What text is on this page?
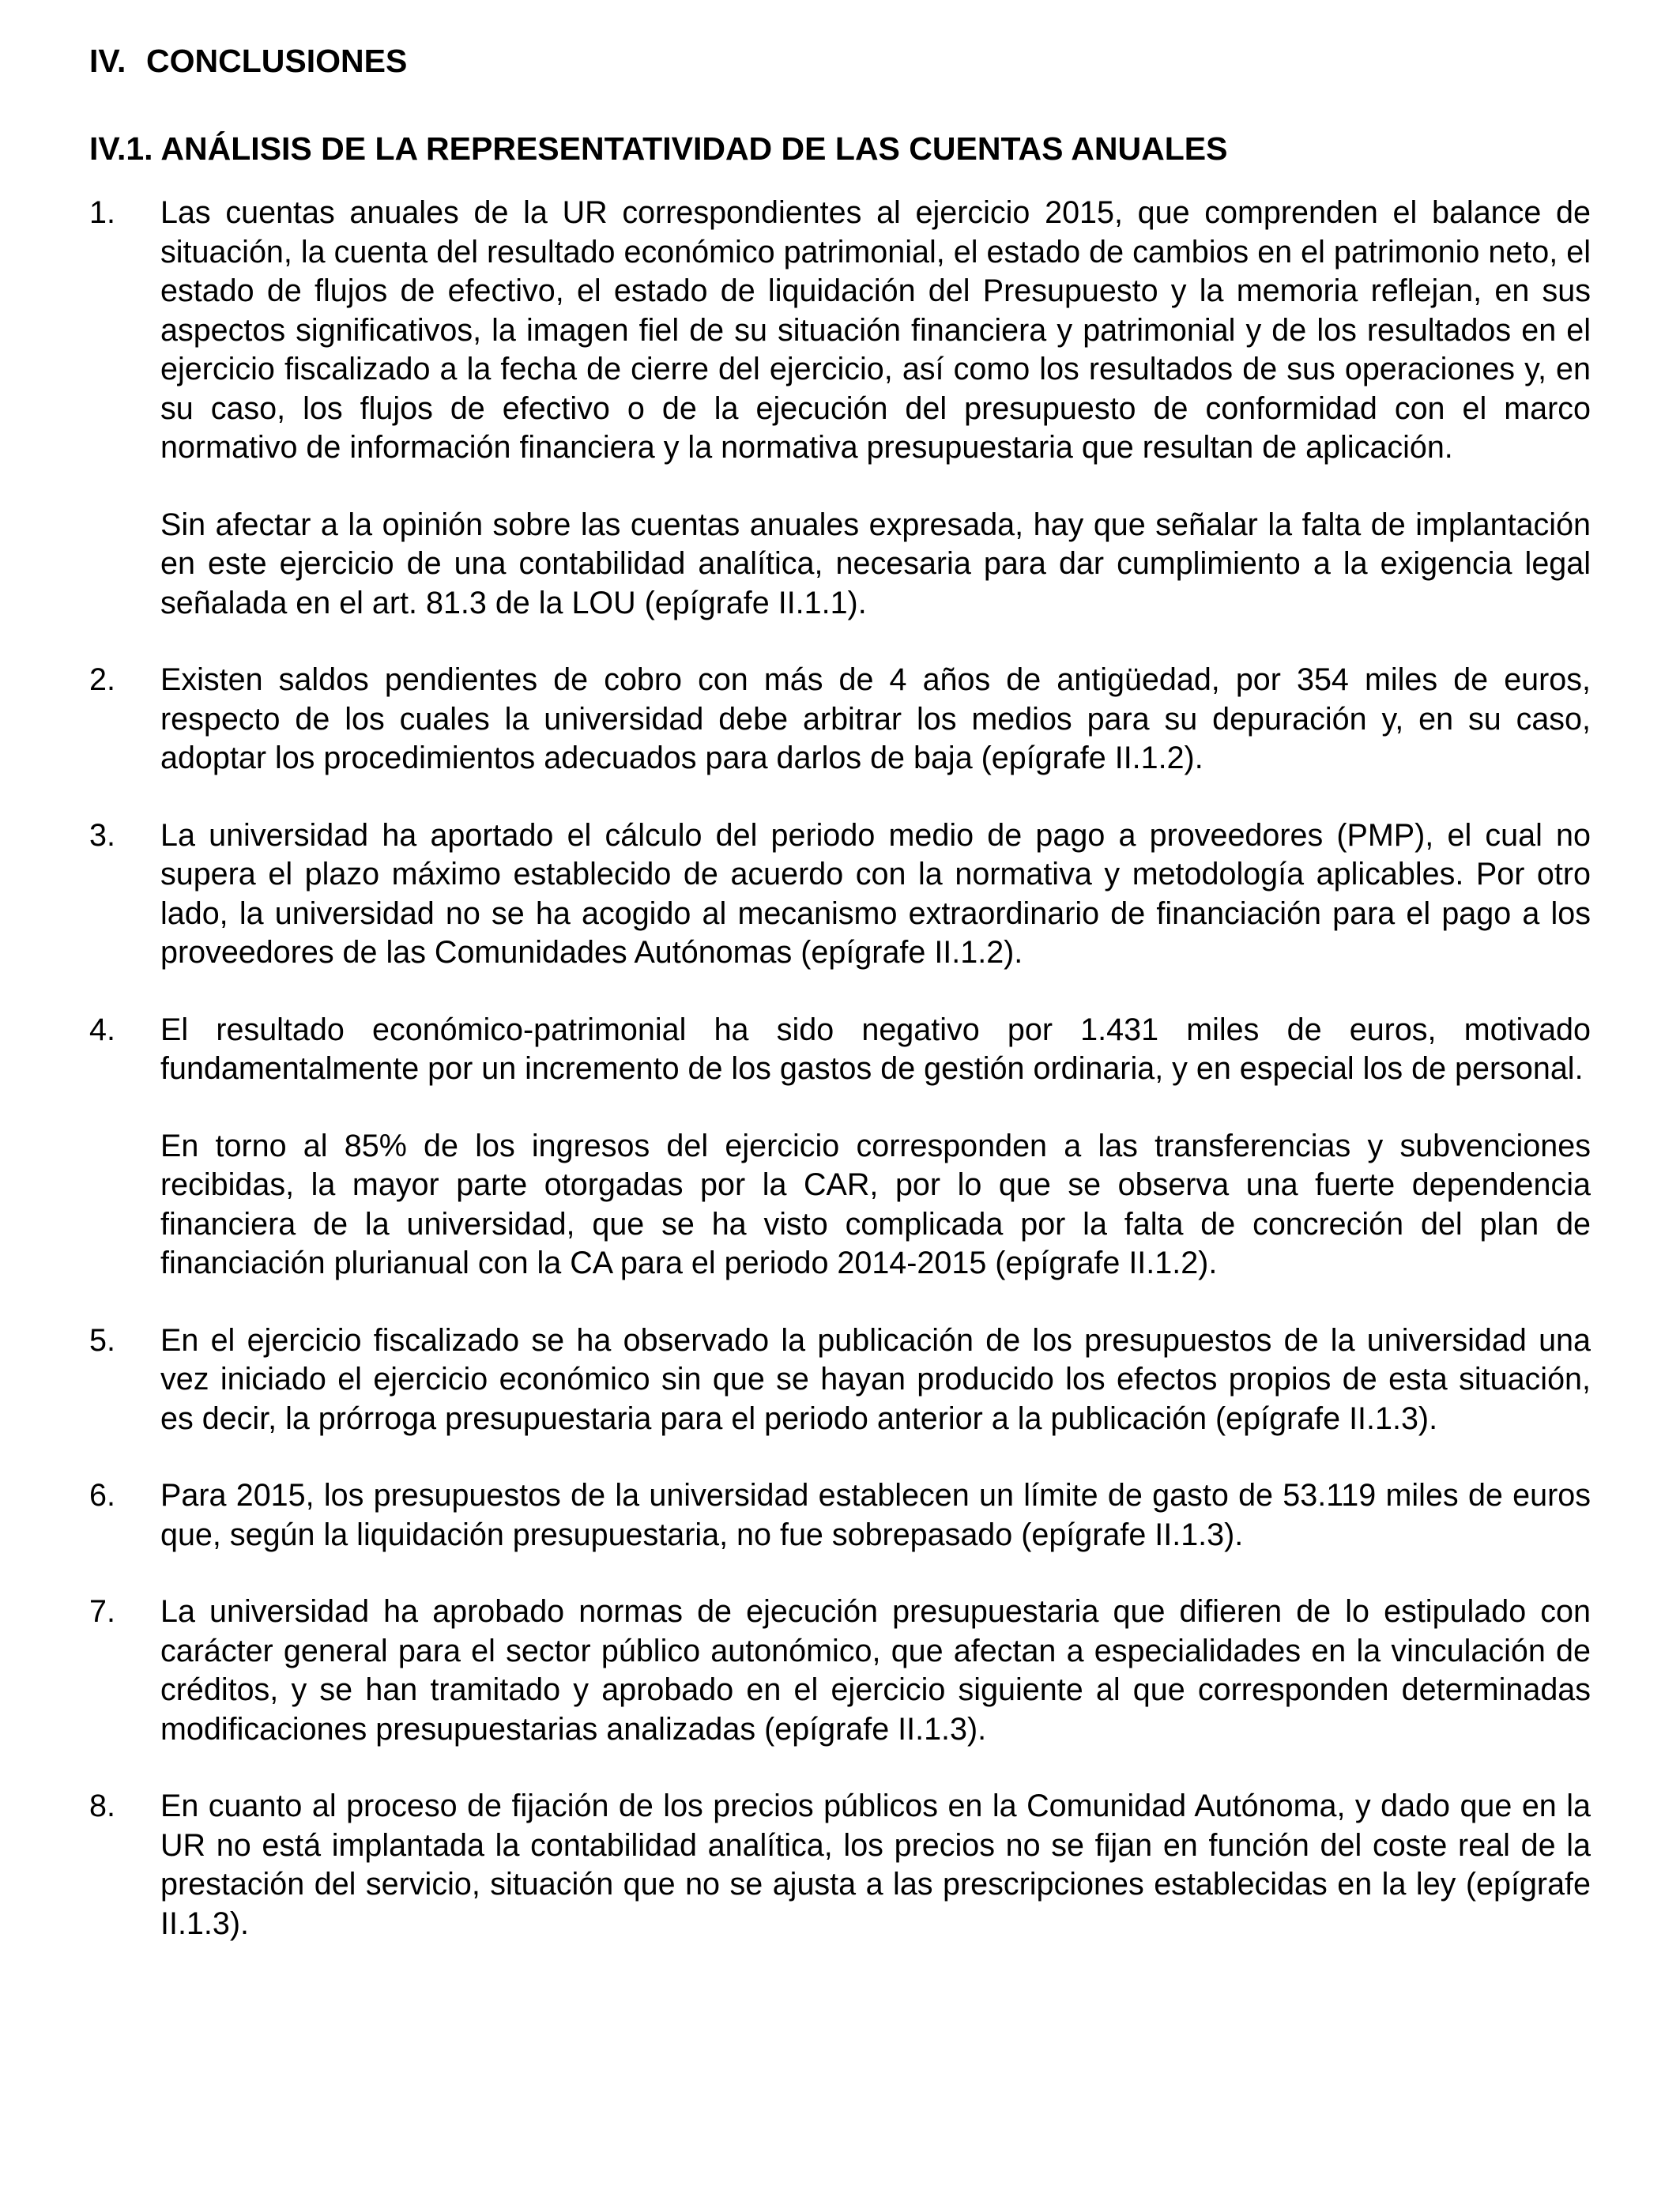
IV. CONCLUSIONES
IV.1. ANÁLISIS DE LA REPRESENTATIVIDAD DE LAS CUENTAS ANUALES
1.	Las cuentas anuales de la UR correspondientes al ejercicio 2015, que comprenden el balance de situación, la cuenta del resultado económico patrimonial, el estado de cambios en el patrimonio neto, el estado de flujos de efectivo, el estado de liquidación del Presupuesto y la memoria reflejan, en sus aspectos significativos, la imagen fiel de su situación financiera y patrimonial y de los resultados en el ejercicio fiscalizado a la fecha de cierre del ejercicio, así como los resultados de sus operaciones y, en su caso, los flujos de efectivo o de la ejecución del presupuesto de conformidad con el marco normativo de información financiera y la normativa presupuestaria que resultan de aplicación.

Sin afectar a la opinión sobre las cuentas anuales expresada, hay que señalar la falta de implantación en este ejercicio de una contabilidad analítica, necesaria para dar cumplimiento a la exigencia legal señalada en el art. 81.3 de la LOU (epígrafe II.1.1).

2.	Existen saldos pendientes de cobro con más de 4 años de antigüedad, por 354 miles de euros, respecto de los cuales la universidad debe arbitrar los medios para su depuración y, en su caso, adoptar los procedimientos adecuados para darlos de baja (epígrafe II.1.2).

3.	La universidad ha aportado el cálculo del periodo medio de pago a proveedores (PMP), el cual no supera el plazo máximo establecido de acuerdo con la normativa y metodología aplicables. Por otro lado, la universidad no se ha acogido al mecanismo extraordinario de financiación para el pago a los proveedores de las Comunidades Autónomas (epígrafe II.1.2).

4.	El resultado económico-patrimonial ha sido negativo por 1.431 miles de euros, motivado fundamentalmente por un incremento de los gastos de gestión ordinaria, y en especial los de personal.

En torno al 85% de los ingresos del ejercicio corresponden a las transferencias y subvenciones recibidas, la mayor parte otorgadas por la CAR, por lo que se observa una fuerte dependencia financiera de la universidad, que se ha visto complicada por la falta de concreción del plan de financiación plurianual con la CA para el periodo 2014-2015 (epígrafe II.1.2).

5.	En el ejercicio fiscalizado se ha observado la publicación de los presupuestos de la universidad una vez iniciado el ejercicio económico sin que se hayan producido los efectos propios de esta situación, es decir, la prórroga presupuestaria para el periodo anterior a la publicación (epígrafe II.1.3).

6.	Para 2015, los presupuestos de la universidad establecen un límite de gasto de 53.119 miles de euros que, según la liquidación presupuestaria, no fue sobrepasado (epígrafe II.1.3).

7.	La universidad ha aprobado normas de ejecución presupuestaria que difieren de lo estipulado con carácter general para el sector público autonómico, que afectan a especialidades en la vinculación de créditos, y se han tramitado y aprobado en el ejercicio siguiente al que corresponden determinadas modificaciones presupuestarias analizadas (epígrafe II.1.3).

8.	En cuanto al proceso de fijación de los precios públicos en la Comunidad Autónoma, y dado que en la UR no está implantada la contabilidad analítica, los precios no se fijan en función del coste real de la prestación del servicio, situación que no se ajusta a las prescripciones establecidas en la ley (epígrafe II.1.3).
